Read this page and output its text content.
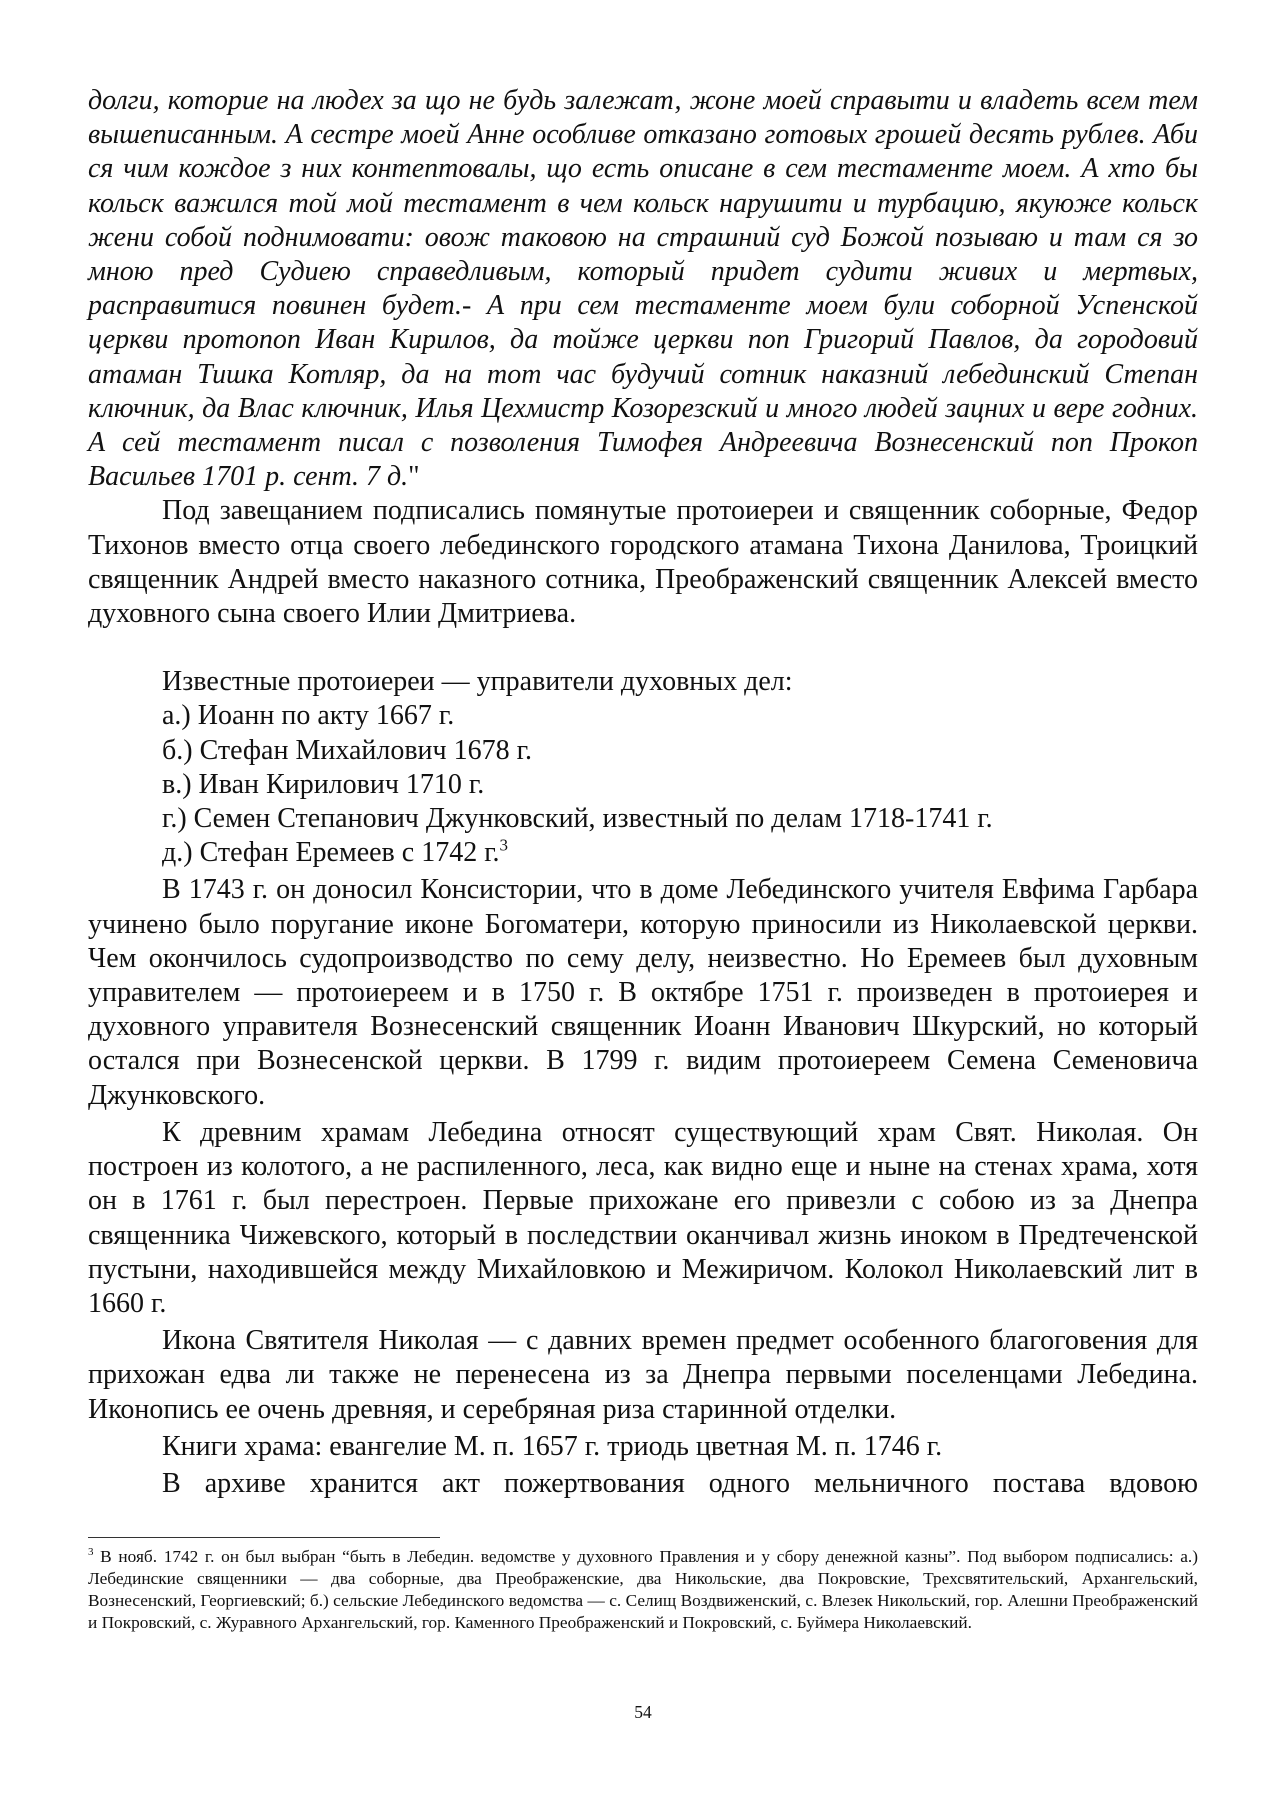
долги, которие на людех за що не будь залежат, жоне моей справыти и владеть всем тем вышеписанным. А сестре моей Анне особливе отказано готовых грошей десять рублев. Аби ся чим кождое з них контептовалы, що есть описане в сем тестаменте моем. А хто бы кольск важился той мой тестамент в чем кольск нарушити и турбацию, якуюже кольск жени собой поднимовати: овож таковою на страшний суд Божой позываю и там ся зо мною пред Судиею справедливым, который придет судити живих и мертвых, расправитися повинен будет.- А при сем тестаменте моем були соборной Успенской церкви протопоп Иван Кирилов, да тойже церкви поп Григорий Павлов, да городовий атаман Тишка Котляр, да на тот час будучий сотник наказний лебединский Степан ключник, да Влас ключник, Илья Цехмистр Козорезский и много людей зацних и вере годних. А сей тестамент писал с позволения Тимофея Андреевича Вознесенский поп Прокоп Васильев 1701 р. сент. 7 д."

Под завещанием подписались помянутые протоиереи и священник соборные, Федор Тихонов вместо отца своего лебединского городского атамана Тихона Данилова, Троицкий священник Андрей вместо наказного сотника, Преображенский священник Алексей вместо духовного сына своего Илии Дмитриева.

Известные протоиереи — управители духовных дел:

а.) Иоанн по акту 1667 г.

б.) Стефан Михайлович 1678 г.

в.) Иван Кирилович 1710 г.

г.) Семен Степанович Джунковский, известный по делам 1718-1741 г.

д.) Стефан Еремеев с 1742 г.$^3$

В 1743 г. он доносил Консистории, что в доме Лебединского учителя Евфима Гарбара учинено было поругание иконе Богоматери, которую приносили из Николаевской церкви. Чем окончилось судопроизводство по сему делу, неизвестно. Но Еремеев был духовным управителем — протоиереем и в 1750 г. В октябре 1751 г. произведен в протоиерея и духовного управителя Вознесенский священник Иоанн Иванович Шкурский, но который остался при Вознесенской церкви. В 1799 г. видим протоиереем Семена Семеновича Джунковского.

К древним храмам Лебедина относят существующий храм Свят. Николая. Он построен из колотого, а не распиленного, леса, как видно еще и ныне на стенах храма, хотя он в 1761 г. был перестроен. Первые прихожане его привезли с собою из за Днепра священника Чижевского, который в последствии оканчивал жизнь иноком в Предтеченской пустыни, находившейся между Михайловкою и Межиричом. Колокол Николаевский лит в 1660 г.

Икона Святителя Николая — с давних времен предмет особенного благоговения для прихожан едва ли также не перенесена из за Днепра первыми поселенцами Лебедина. Иконопись ее очень древняя, и серебряная риза старинной отделки.

Книги храма: евангелие М. п. 1657 г. триодь цветная М. п. 1746 г.

В архиве хранится акт пожертвования одного мельничного постава вдовою

$^3$ В нояб. 1742 г. он был выбран “быть в Лебедин. ведомстве у духовного Правления и у сбору денежной казны”. Под выбором подписались: а.) Лебединские священники — два соборные, два Преображенские, два Никольские, два Покровские, Трехсвятительский, Архангельский, Вознесенский, Георгиевский; б.) сельские Лебединского ведомства — с. Селищ Воздвиженский, с. Влезек Никольский, гор. Алешни Преображенский и Покровский, с. Журавного Архангельский, гор. Каменного Преображенский и Покровский, с. Буймера Николаевский.
54
